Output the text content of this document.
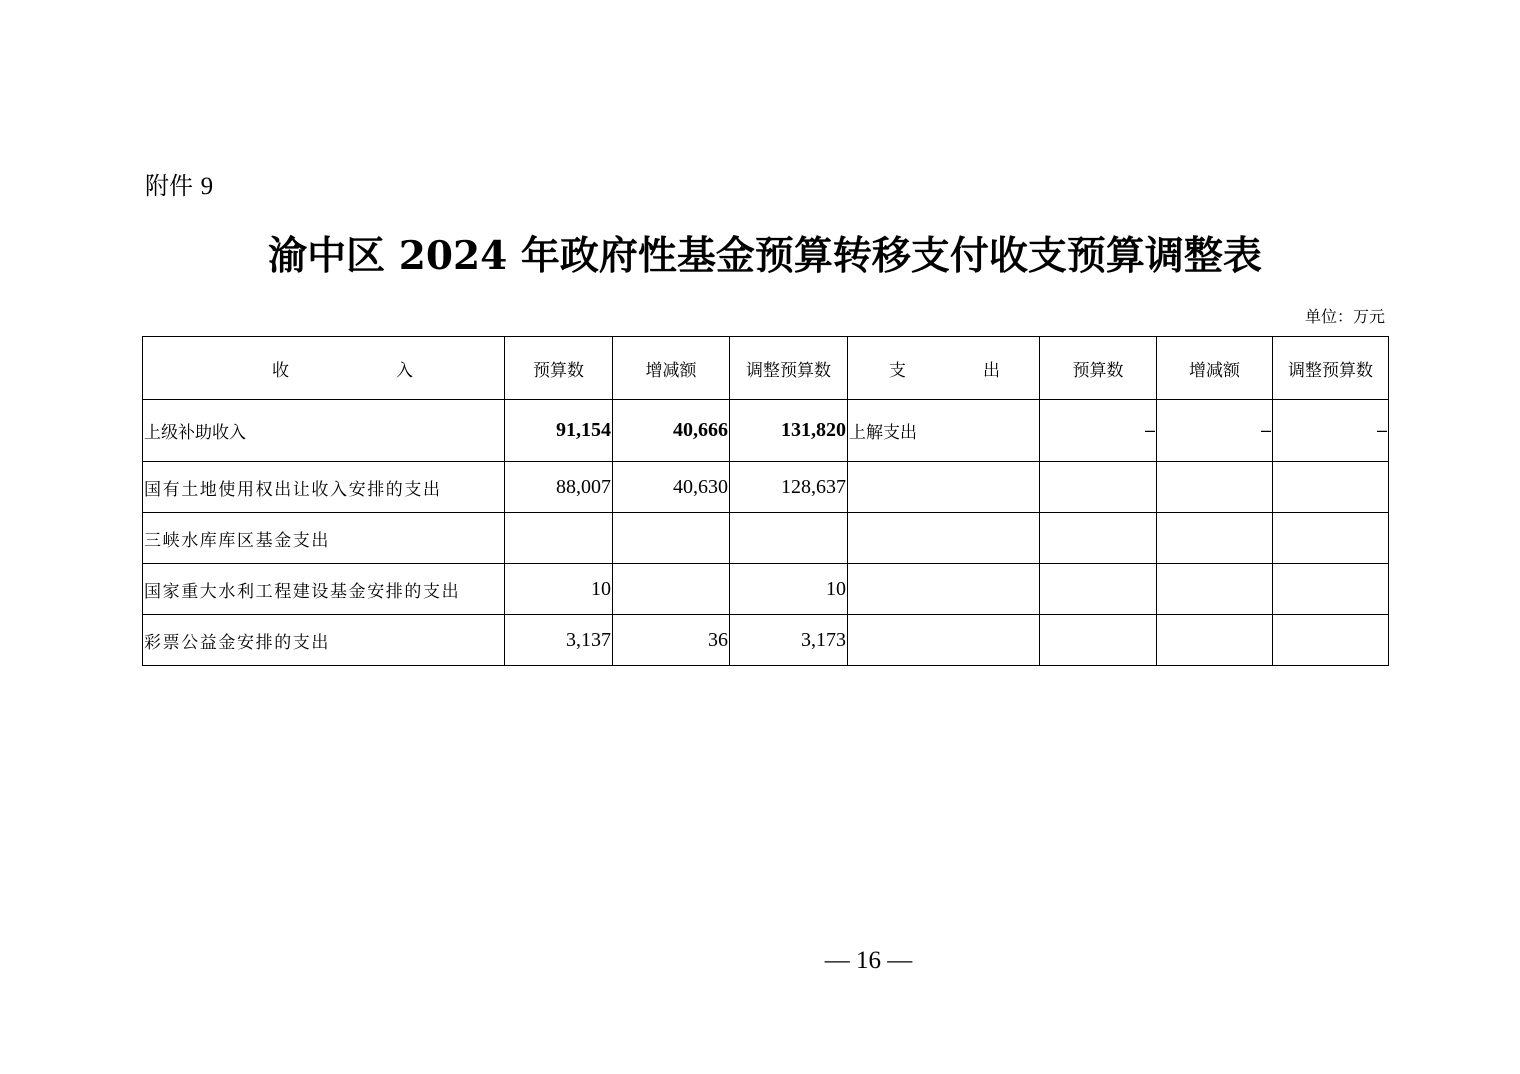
附件 9
渝中区 2024 年政府性基金预算转移支付收支预算调整表
单位：万元
收 入	预算数	增减额	调整预算数	支 出	预算数	增减额	调整预算数
上级补助收入	91,154	40,666	131,820	上解支出	–	–	–
国有土地使用权出让收入安排的支出	88,007	40,630	128,637				
三峡水库库区基金支出							
国家重大水利工程建设基金安排的支出	10		10				
彩票公益金安排的支出	3,137	36	3,173				
— 16 —
